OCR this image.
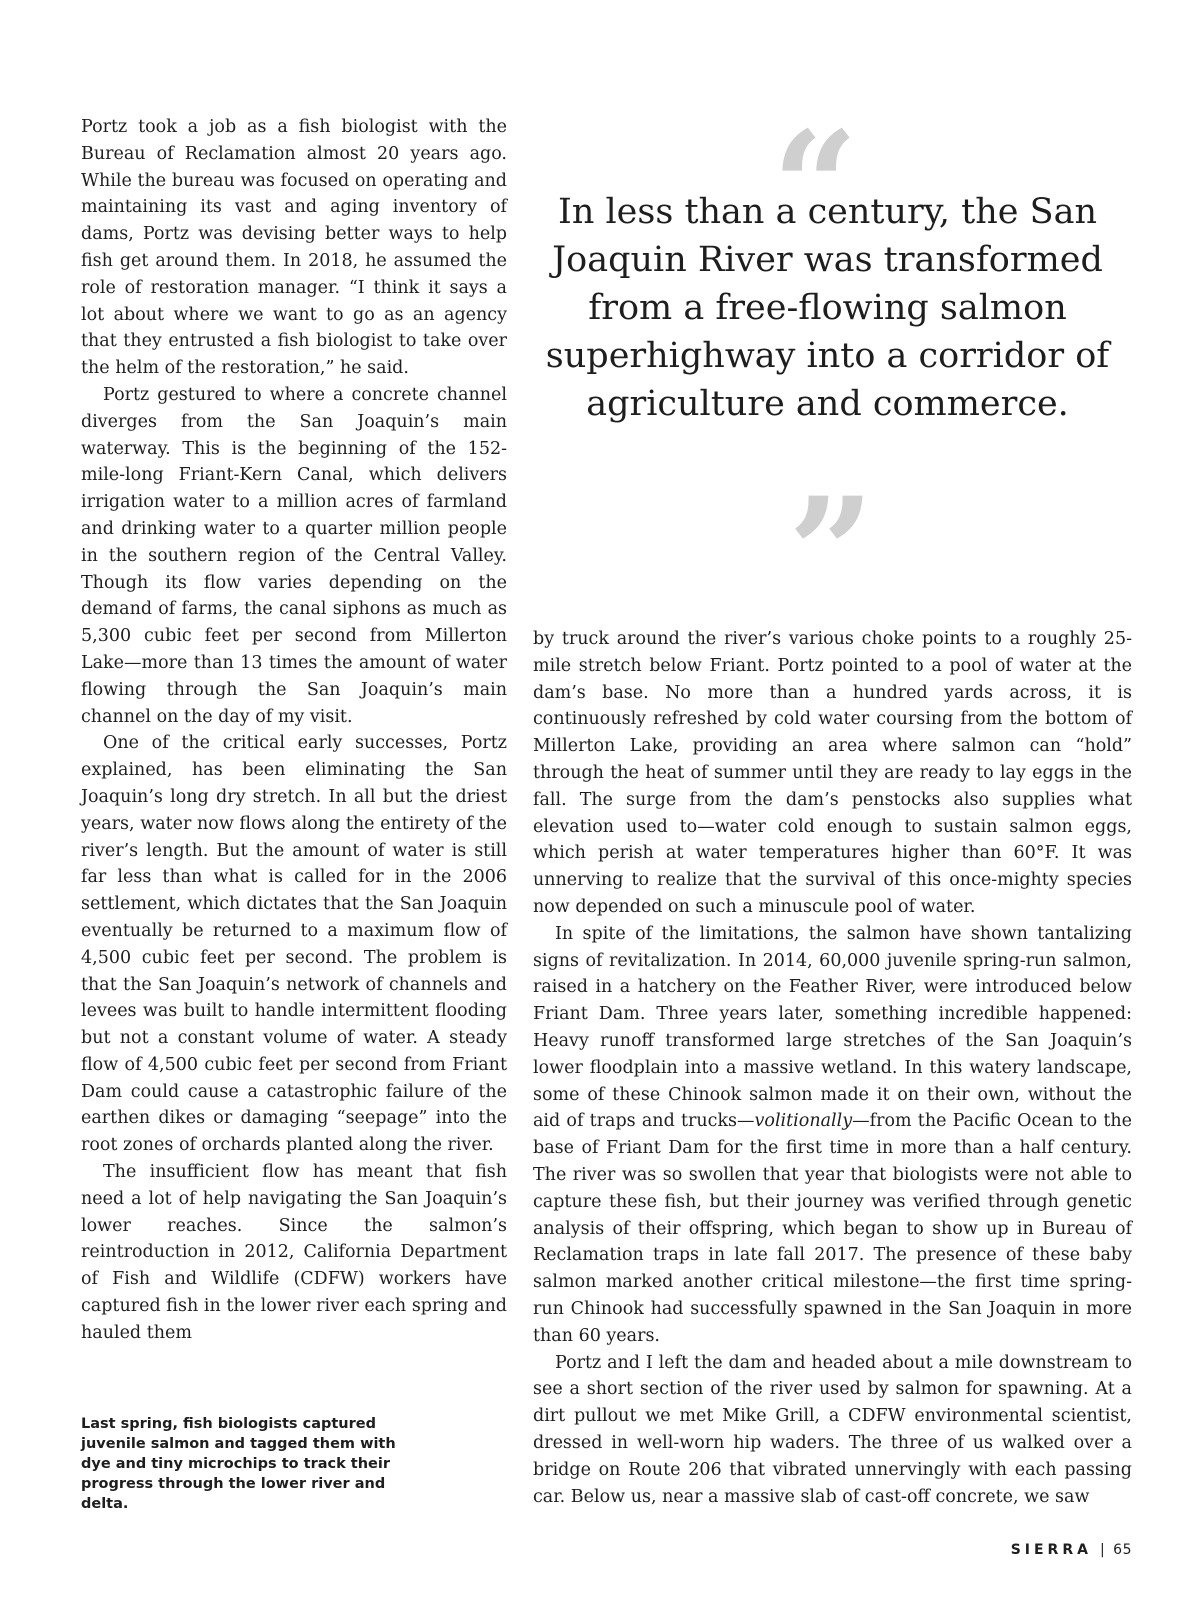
Portz took a job as a fish biologist with the Bureau of Reclamation almost 20 years ago. While the bureau was focused on operating and maintaining its vast and aging inventory of dams, Portz was devising better ways to help fish get around them. In 2018, he assumed the role of restoration manager. “I think it says a lot about where we want to go as an agency that they entrusted a fish biologist to take over the helm of the restoration,” he said.

Portz gestured to where a concrete channel diverges from the San Joaquin’s main waterway. This is the beginning of the 152-mile-long Friant-Kern Canal, which delivers irrigation water to a million acres of farmland and drinking water to a quarter million people in the southern region of the Central Valley. Though its flow varies depending on the demand of farms, the canal siphons as much as 5,300 cubic feet per second from Millerton Lake—more than 13 times the amount of water flowing through the San Joaquin’s main channel on the day of my visit.

One of the critical early successes, Portz explained, has been eliminating the San Joaquin’s long dry stretch. In all but the driest years, water now flows along the entirety of the river’s length. But the amount of water is still far less than what is called for in the 2006 settlement, which dictates that the San Joaquin eventually be returned to a maximum flow of 4,500 cubic feet per second. The problem is that the San Joaquin’s network of channels and levees was built to handle intermittent flooding but not a constant volume of water. A steady flow of 4,500 cubic feet per second from Friant Dam could cause a catastrophic failure of the earthen dikes or damaging “seepage” into the root zones of orchards planted along the river.

The insufficient flow has meant that fish need a lot of help navigating the San Joaquin’s lower reaches. Since the salmon’s reintroduction in 2012, California Department of Fish and Wildlife (CDFW) workers have captured fish in the lower river each spring and hauled them

“
In less than a century, the San Joaquin River was transformed from a free-flowing salmon superhighway into a corridor of agriculture and commerce.
”

by truck around the river’s various choke points to a roughly 25-mile stretch below Friant. Portz pointed to a pool of water at the dam’s base. No more than a hundred yards across, it is continuously refreshed by cold water coursing from the bottom of Millerton Lake, providing an area where salmon can “hold” through the heat of summer until they are ready to lay eggs in the fall. The surge from the dam’s penstocks also supplies what elevation used to—water cold enough to sustain salmon eggs, which perish at water temperatures higher than 60°F. It was unnerving to realize that the survival of this once-mighty species now depended on such a minuscule pool of water.

In spite of the limitations, the salmon have shown tantalizing signs of revitalization. In 2014, 60,000 juvenile spring-run salmon, raised in a hatchery on the Feather River, were introduced below Friant Dam. Three years later, something incredible happened: Heavy runoff transformed large stretches of the San Joaquin’s lower floodplain into a massive wetland. In this watery landscape, some of these Chinook salmon made it on their own, without the aid of traps and trucks—volitionally—from the Pacific Ocean to the base of Friant Dam for the first time in more than a half century. The river was so swollen that year that biologists were not able to capture these fish, but their journey was verified through genetic analysis of their offspring, which began to show up in Bureau of Reclamation traps in late fall 2017. The presence of these baby salmon marked another critical milestone—the first time spring-run Chinook had successfully spawned in the San Joaquin in more than 60 years.

Portz and I left the dam and headed about a mile downstream to see a short section of the river used by salmon for spawning. At a dirt pullout we met Mike Grill, a CDFW environmental scientist, dressed in well-worn hip waders. The three of us walked over a bridge on Route 206 that vibrated unnervingly with each passing car. Below us, near a massive slab of cast-off concrete, we saw

Last spring, fish biologists captured juvenile salmon and tagged them with dye and tiny microchips to track their progress through the lower river and delta.
SIERRA | 65
